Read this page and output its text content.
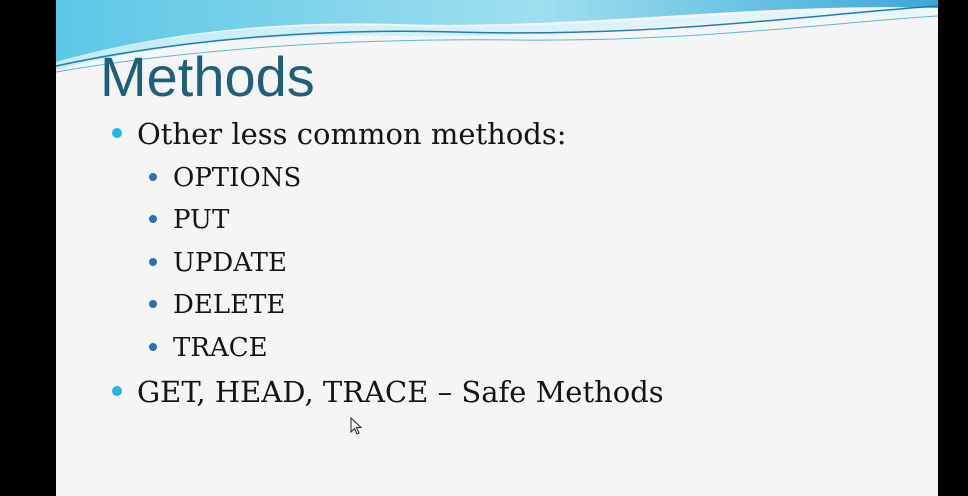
Methods
Other less common methods:
OPTIONS
PUT
UPDATE
DELETE
TRACE
GET, HEAD, TRACE – Safe Methods
